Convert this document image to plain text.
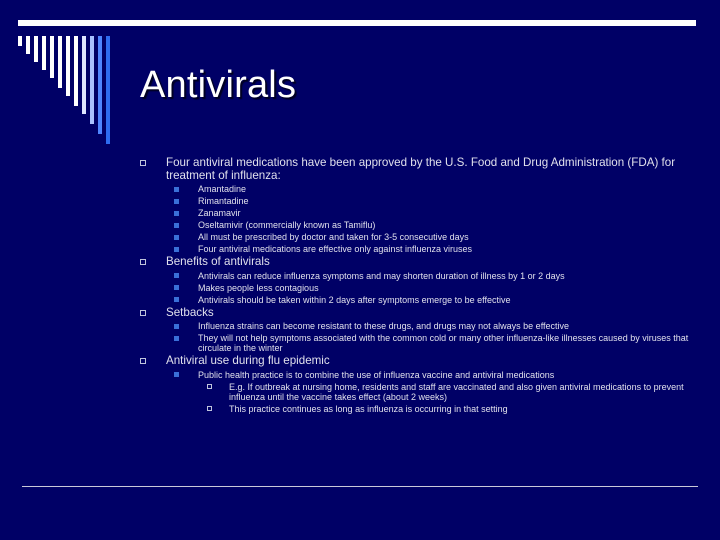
Antivirals
Four antiviral medications have been approved by the U.S. Food and Drug Administration (FDA) for treatment of influenza:
Amantadine
Rimantadine
Zanamavir
Oseltamivir (commercially known as Tamiflu)
All must be prescribed by doctor and taken for 3-5 consecutive days
Four antiviral medications are effective only against influenza viruses
Benefits of antivirals
Antivirals can reduce influenza symptoms and may shorten duration of illness by 1 or 2 days
Makes people less contagious
Antivirals should be taken within 2 days after symptoms emerge to be effective
Setbacks
Influenza strains can become resistant to these drugs, and drugs may not always be effective
They will not help symptoms associated with the common cold or many other influenza-like illnesses caused by viruses that circulate in the winter
Antiviral use during flu epidemic
Public health practice is to combine the use of influenza vaccine and antiviral medications
E.g. If outbreak at nursing home, residents and staff are vaccinated and also given antiviral medications to prevent influenza until the vaccine takes effect (about 2 weeks)
This practice continues as long as influenza is occurring in that setting
